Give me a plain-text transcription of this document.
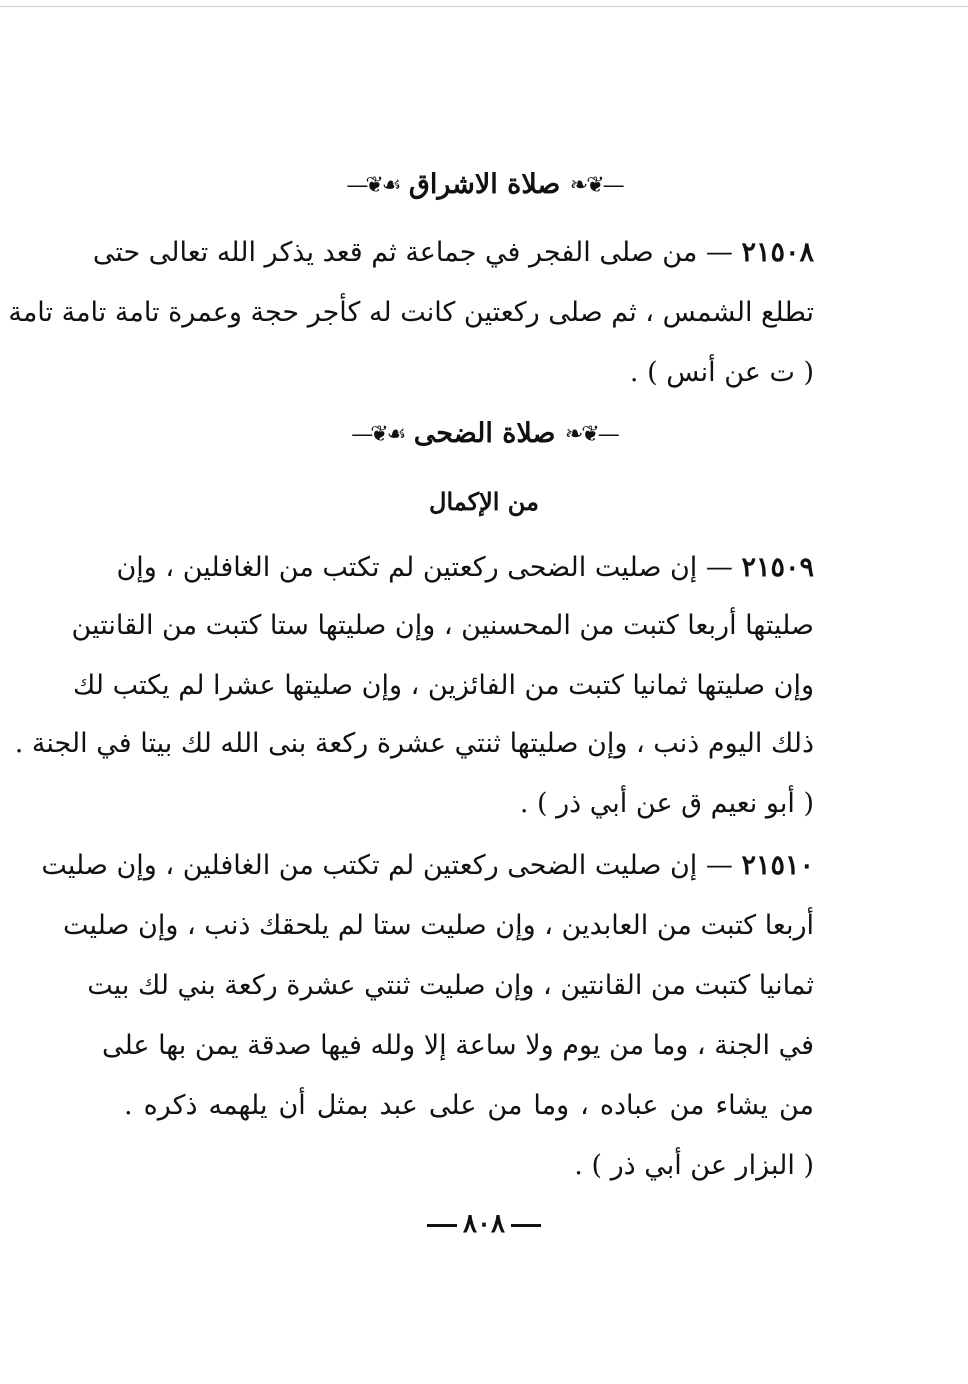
—❦❧ صلاة الاشراق ☙❦—
٢١٥٠٨ — من صلى الفجر في جماعة ثم قعد يذكر الله تعالى حتى
تطلع الشمس ، ثم صلى ركعتين كانت له كأجر حجة وعمرة تامة تامة تامة
( ت عن أنس ) .
—❦❧ صلاة الضحى ☙❦—
من الإكمال
٢١٥٠٩ — إن صليت الضحى ركعتين لم تكتب من الغافلين ، وإن
صليتها أربعا كتبت من المحسنين ، وإن صليتها ستا كتبت من القانتين
وإن صليتها ثمانيا كتبت من الفائزين ، وإن صليتها عشرا لم يكتب لك
ذلك اليوم ذنب ، وإن صليتها ثنتي عشرة ركعة بنى الله لك بيتا في الجنة .
( أبو نعيم ق عن أبي ذر ) .
٢١٥١٠ — إن صليت الضحى ركعتين لم تكتب من الغافلين ، وإن صليت
أربعا كتبت من العابدين ، وإن صليت ستا لم يلحقك ذنب ، وإن صليت
ثمانيا كتبت من القانتين ، وإن صليت ثنتي عشرة ركعة بني لك بيت
في الجنة ، وما من يوم ولا ساعة إلا ولله فيها صدقة يمن بها على
من يشاء من عباده ، وما من على عبد بمثل أن يلهمه ذكره .
( البزار عن أبي ذر ) .
٨٠٨
